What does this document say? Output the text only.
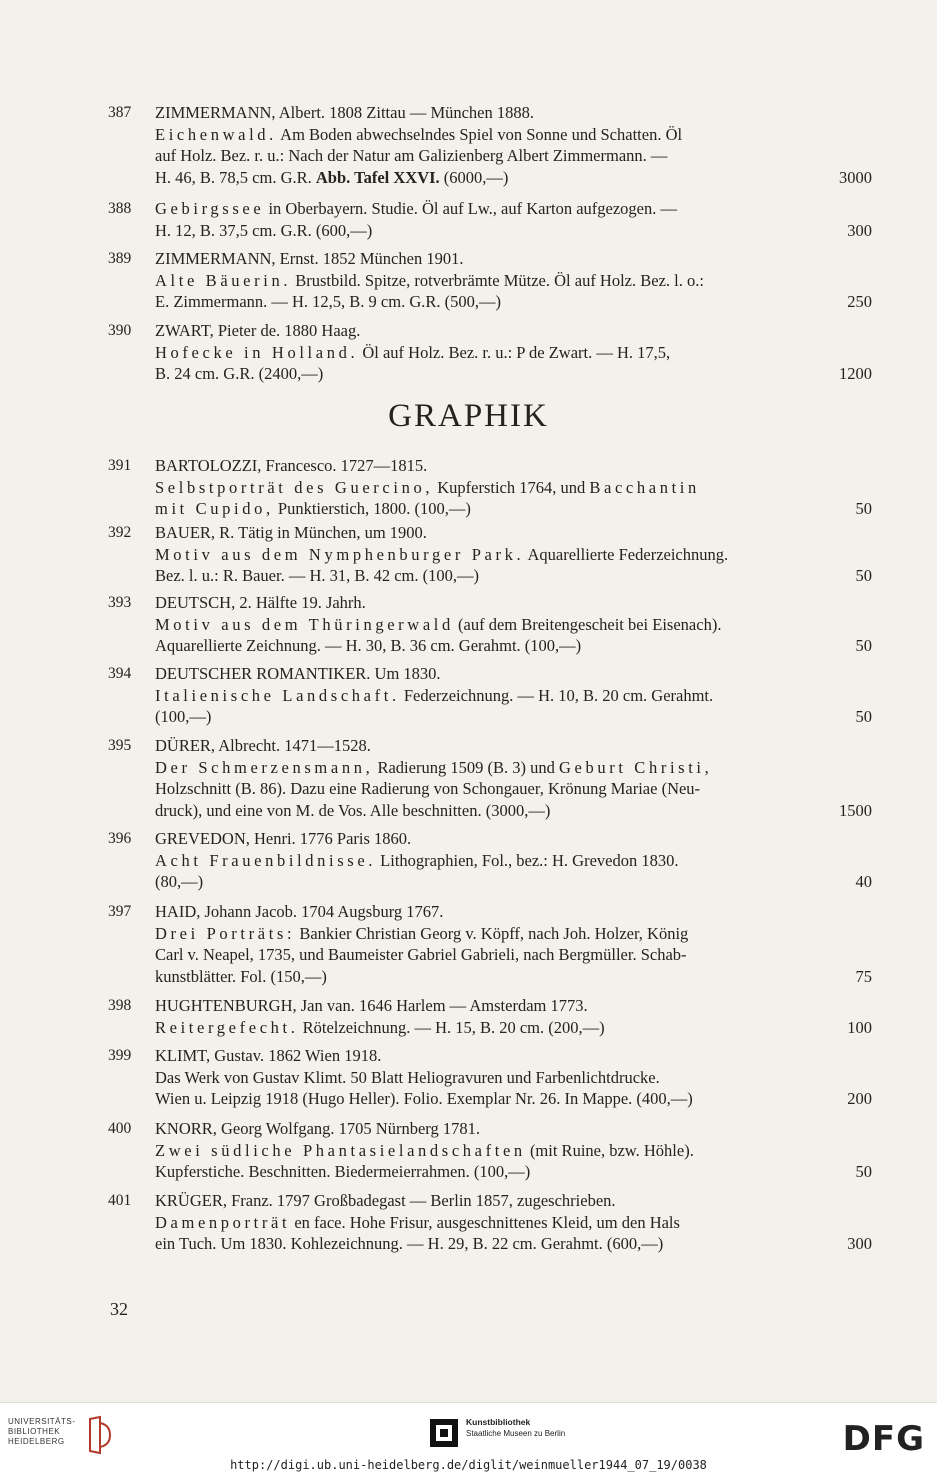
387	ZIMMERMANN, Albert. 1808 Zittau — München 1888.
Eichenwald. Am Boden abwechselndes Spiel von Sonne und Schatten. Öl
auf Holz. Bez. r. u.: Nach der Natur am Galizienberg Albert Zimmermann. —
H. 46, B. 78,5 cm. G.R. Abb. Tafel XXVI. (6000,—)	3000
388	Gebirgssee in Oberbayern. Studie. Öl auf Lw., auf Karton aufgezogen. —
H. 12, B. 37,5 cm. G.R. (600,—)	300
389	ZIMMERMANN, Ernst. 1852 München 1901.
Alte Bäuerin. Brustbild. Spitze, rotverbrämte Mütze. Öl auf Holz. Bez. l. o.:
E. Zimmermann. — H. 12,5, B. 9 cm. G.R. (500,—)	250
390	ZWART, Pieter de. 1880 Haag.
Hofecke in Holland. Öl auf Holz. Bez. r. u.: P de Zwart. — H. 17,5,
B. 24 cm. G.R. (2400,—)	1200
391	BARTOLOZZI, Francesco. 1727—1815.
Selbstporträt des Guercino, Kupferstich 1764, und Bacchantin
mit Cupido, Punktierstich, 1800. (100,—)	50
392	BAUER, R. Tätig in München, um 1900.
Motiv aus dem Nymphenburger Park. Aquarellierte Federzeichnung.
Bez. l. u.: R. Bauer. — H. 31, B. 42 cm. (100,—)	50
393	DEUTSCH, 2. Hälfte 19. Jahrh.
Motiv aus dem Thüringerwald (auf dem Breitengescheit bei Eisenach).
Aquarellierte Zeichnung. — H. 30, B. 36 cm. Gerahmt. (100,—)	50
394	DEUTSCHER ROMANTIKER. Um 1830.
Italienische Landschaft. Federzeichnung. — H. 10, B. 20 cm. Gerahmt.
(100,—)	50
395	DÜRER, Albrecht. 1471—1528.
Der Schmerzensmann, Radierung 1509 (B. 3) und Geburt Christi,
Holzschnitt (B. 86). Dazu eine Radierung von Schongauer, Krönung Mariae (Neu-
druck), und eine von M. de Vos. Alle beschnitten. (3000,—)	1500
396	GREVEDON, Henri. 1776 Paris 1860.
Acht Frauenbildnisse. Lithographien, Fol., bez.: H. Grevedon 1830.
(80,—)	40
397	HAID, Johann Jacob. 1704 Augsburg 1767.
Drei Porträts: Bankier Christian Georg v. Köpff, nach Joh. Holzer, König
Carl v. Neapel, 1735, und Baumeister Gabriel Gabrieli, nach Bergmüller. Schab-
kunstblätter. Fol. (150,—)	75
398	HUGHTENBURGH, Jan van. 1646 Harlem — Amsterdam 1773.
Reitergefecht. Rötelzeichnung. — H. 15, B. 20 cm. (200,—)	100
399	KLIMT, Gustav. 1862 Wien 1918.
Das Werk von Gustav Klimt. 50 Blatt Heliogravuren und Farbenlichtdrucke.
Wien u. Leipzig 1918 (Hugo Heller). Folio. Exemplar Nr. 26. In Mappe. (400,—)	200
400	KNORR, Georg Wolfgang. 1705 Nürnberg 1781.
Zwei südliche Phantasielandschaften (mit Ruine, bzw. Höhle).
Kupferstiche. Beschnitten. Biedermeierrahmen. (100,—)	50
401	KRÜGER, Franz. 1797 Großbadegast — Berlin 1857, zugeschrieben.
Damenporträt en face. Hohe Frisur, ausgeschnittenes Kleid, um den Hals
ein Tuch. Um 1830. Kohlezeichnung. — H. 29, B. 22 cm. Gerahmt. (600,—)	300
GRAPHIK
32
UNIVERSITÄTS-
BIBLIOTHEK
HEIDELBERG
Kunstbibliothek
Staatliche Museen zu Berlin	DFG
http://digi.ub.uni-heidelberg.de/diglit/weinmueller1944_07_19/0038
